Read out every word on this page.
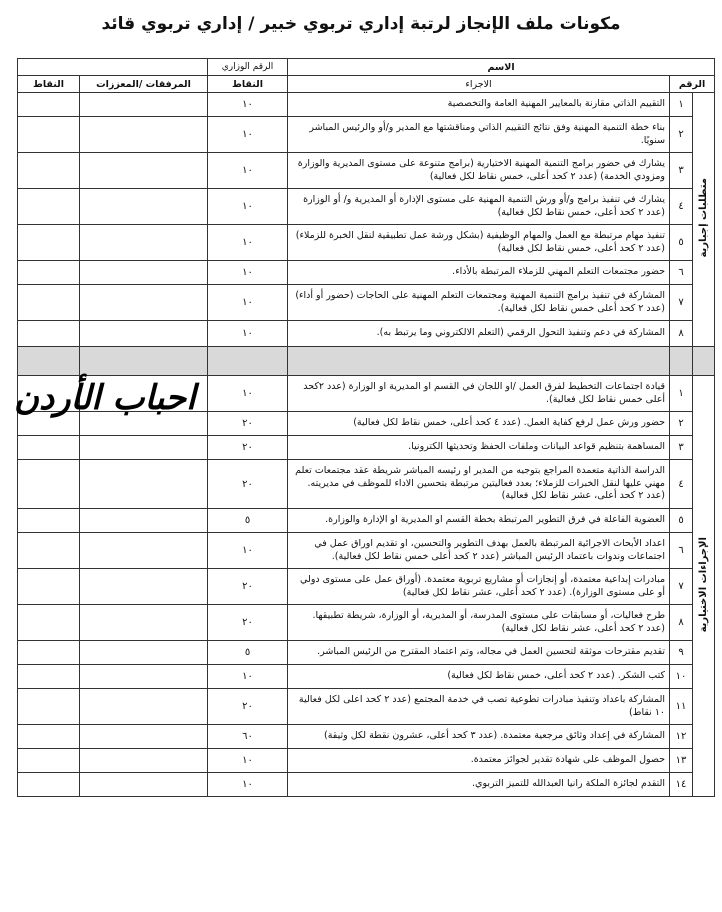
مكونات ملف الإنجاز لرتبة إداري تربوي خبير / إداري تربوي قائد
الاسم			الرقم الوزاري		
الرقم		الاجراء	النقاط	المرفقات /المعززات	النقاط
متطلبات إجبارية	١	التقييم الذاتي مقارنة بالمعايير المهنية العامة والتخصصية	١٠		
	٢	بناء خطة التنمية المهنية وفق نتائج التقييم الذاتي ومناقشتها مع المدير و/أو والرئيس المباشر سنويًا.	١٠		
	٣	يشارك في حضور برامج التنمية المهنية الاختيارية (برامج متنوعة على مستوى المديرية والوزارة ومزودي الخدمة) (عدد ٢ كحد أعلى، خمس نقاط لكل فعالية)	١٠		
	٤	يشارك في تنفيذ برامج و/أو ورش التنمية المهنية على مستوى الإدارة أو المديرية و/ أو الوزارة (عدد ٢ كحد أعلى، خمس نقاط لكل فعالية)	١٠		
	٥	تنفيذ مهام مرتبطة مع العمل والمهام الوظيفية (بشكل ورشة عمل تطبيقية لنقل الخبرة للزملاء) (عدد ٢ كحد أعلى، خمس نقاط لكل فعالية)	١٠		
	٦	حضور مجتمعات التعلم المهني للزملاء المرتبطة بالأداء.	١٠		
	٧	المشاركة في تنفيذ برامج التنمية المهنية ومجتمعات التعلم المهنية على الحاجات (حضور أو أداء) (عدد ٢ كحد أعلى خمس نقاط لكل فعالية).	١٠		
	٨	المشاركة في دعم وتنفيذ التحول الرقمي (التعلم الالكتروني وما يرتبط به).	١٠		

الإجراءات الاختيارية	١	قيادة اجتماعات التخطيط لفرق العمل /او اللجان في القسم او المديرية او الوزارة (عدد ٢كحد أعلى خمس نقاط لكل فعالية).	١٠		
	٢	حضور ورش عمل لرفع كفاية العمل. (عدد ٤ كحد أعلى، خمس نقاط لكل فعالية)	٢٠		
	٣	المساهمة بتنظيم قواعد البيانات وملفات الحفظ وتحديثها الكترونيا.	٢٠		
	٤	الدراسة الذاتية متعمدة المراجع بتوجيه من المدير او رئيسه المباشر شريطة عقد مجتمعات تعلم مهني عليها لنقل الخبرات للزملاء؛ بعدد فعاليتين مرتبطة بتحسين الاداء للموظف في مديريته. (عدد ٢ كحد أعلى، عشر نقاط لكل فعالية)	٢٠		
	٥	العضوية الفاعلة في فرق التطوير المرتبطة بخطة القسم او المديرية او الإدارة والوزارة.	٥		
	٦	اعداد الأبحاث الاجرائية المرتبطة بالعمل بهدف التطوير والتحسين، او تقديم اوراق عمل في اجتماعات وندوات باعتماد الرئيس المباشر (عدد ٢ كحد أعلى خمس نقاط لكل فعالية).	١٠		
	٧	مبادرات إبداعية معتمدة، أو إنجازات أو مشاريع تربوية معتمدة. (أوراق عمل على مستوى دولي أو على مستوى الوزارة). (عدد ٢ كحد أعلى، عشر نقاط لكل فعالية)	٢٠		
	٨	طرح فعاليات، أو مسابقات على مستوى المدرسة، أو المديرية، أو الوزارة، شريطة تطبيقها. (عدد ٢ كحد أعلى، عشر نقاط لكل فعالية)	٢٠		
	٩	تقديم مقترحات موثقة لتحسين العمل في مجاله، وتم اعتماد المقترح من الرئيس المباشر.	٥		
	١٠	كتب الشكر. (عدد ٢ كحد أعلى، خمس نقاط لكل فعالية)	١٠		
	١١	المشاركة باعداد وتنفيذ مبادرات تطوعية تصب في خدمة المجتمع (عدد ٢ كحد اعلى لكل فعالية ١٠ نقاط)	٢٠		
	١٢	المشاركة في إعداد وثائق مرجعية معتمدة. (عدد ٣ كحد أعلى، عشرون نقطة لكل وثيقة)	٦٠		
	١٣	حصول الموظف على شهادة تقدير لجوائز معتمدة.	١٠		
	١٤	التقدم لجائزة الملكة رانيا العبدالله للتميز التربوي.	١٠		
احباب الأردن
